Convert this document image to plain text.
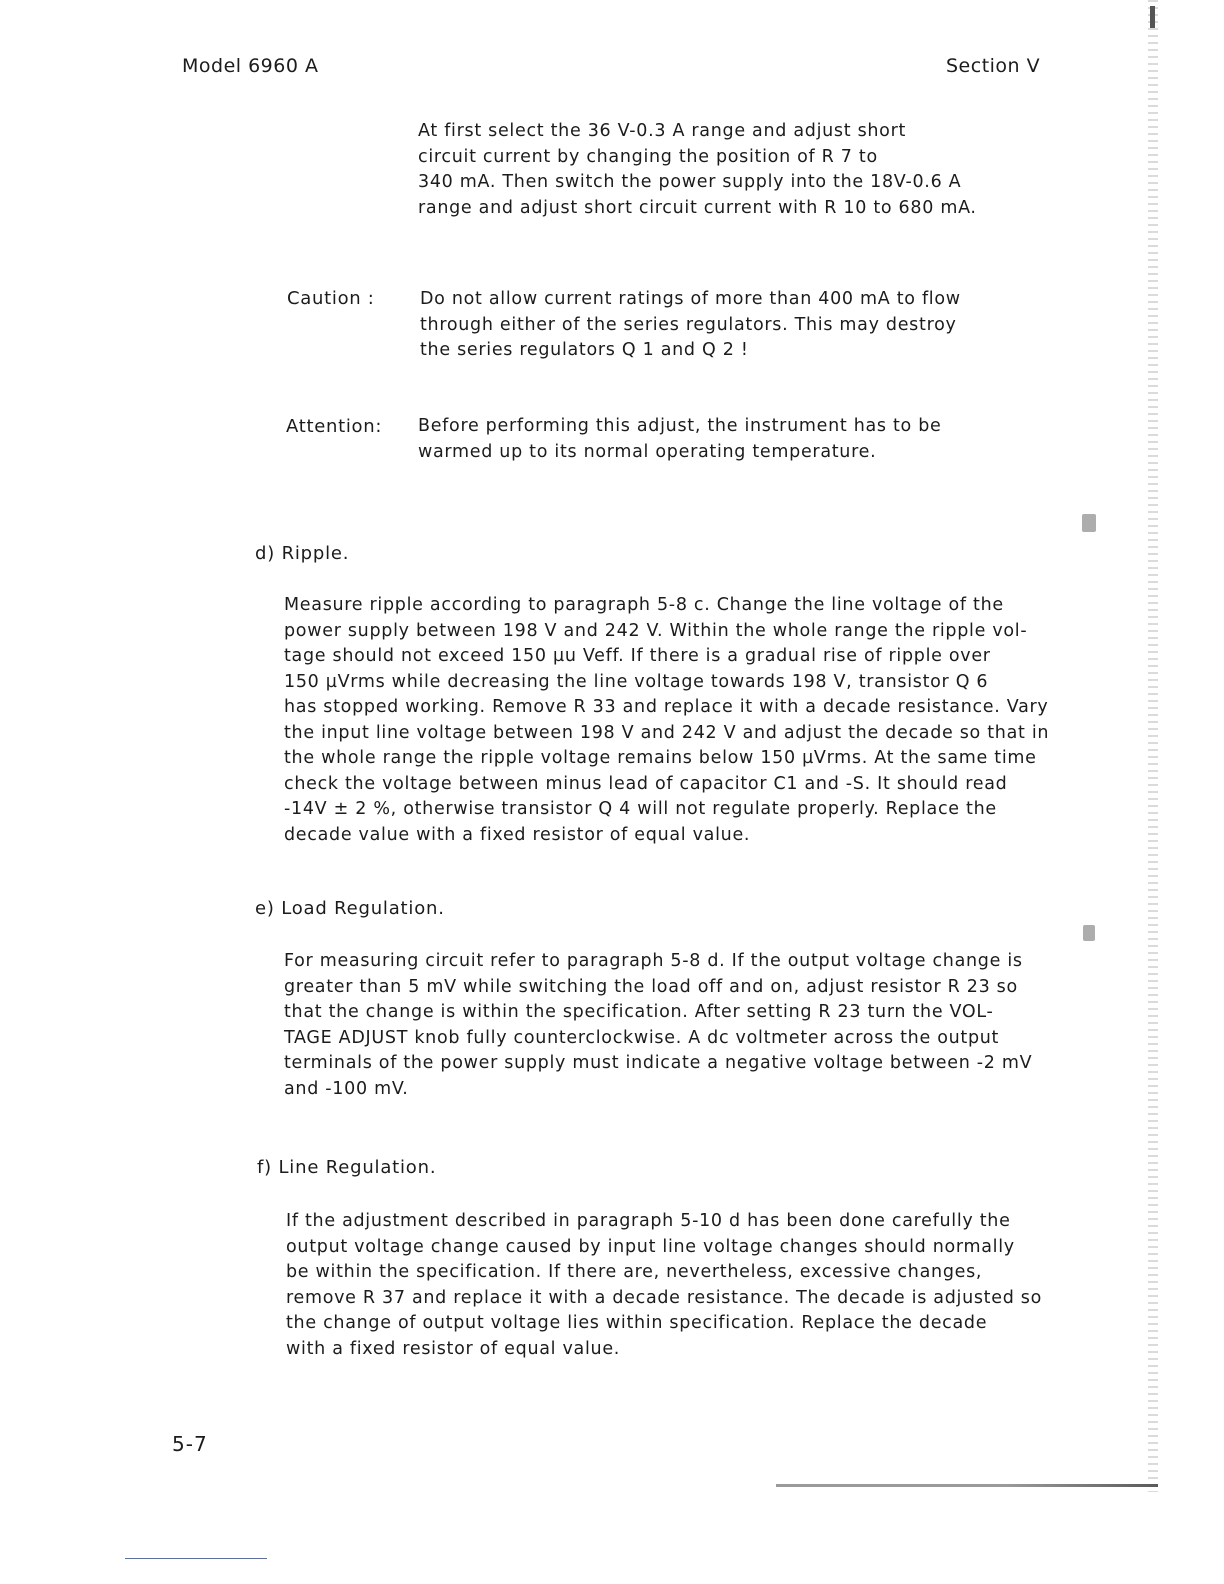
Model 6960 A	Section V

At first select the 36 V-0.3 A range and adjust short
circuit current by changing the position of R 7 to
340 mA. Then switch the power supply into the 18V-0.6 A
range and adjust short circuit current with R 10 to 680 mA.

Caution :	Do not allow current ratings of more than 400 mA to flow
through either of the series regulators. This may destroy
the series regulators Q 1 and Q 2 !

Attention: Before performing this adjust, the instrument has to be
warmed up to its normal operating temperature.

d) Ripple.

Measure ripple according to paragraph 5-8 c. Change the line voltage of the
power supply between 198 V and 242 V. Within the whole range the ripple vol-
tage should not exceed 150 µu Veff. If there is a gradual rise of ripple over
150 µVrms while decreasing the line voltage towards 198 V, transistor Q 6
has stopped working. Remove R 33 and replace it with a decade resistance. Vary
the input line voltage between 198 V and 242 V and adjust the decade so that in
the whole range the ripple voltage remains below 150 µVrms. At the same time
check the voltage between minus lead of capacitor C1 and -S. It should read
-14V ± 2 %, otherwise transistor Q 4 will not regulate properly. Replace the
decade value with a fixed resistor of equal value.

e) Load Regulation.

For measuring circuit refer to paragraph 5-8 d. If the output voltage change is
greater than 5 mV while switching the load off and on, adjust resistor R 23 so
that the change is within the specification. After setting R 23 turn the VOL-
TAGE ADJUST knob fully counterclockwise. A dc voltmeter across the output
terminals of the power supply must indicate a negative voltage between -2 mV
and -100 mV.

f) Line Regulation.

If the adjustment described in paragraph 5-10 d has been done carefully the
output voltage change caused by input line voltage changes should normally
be within the specification. If there are, nevertheless, excessive changes,
remove R 37 and replace it with a decade resistance. The decade is adjusted so
the change of output voltage lies within specification. Replace the decade
with a fixed resistor of equal value.

5-7
